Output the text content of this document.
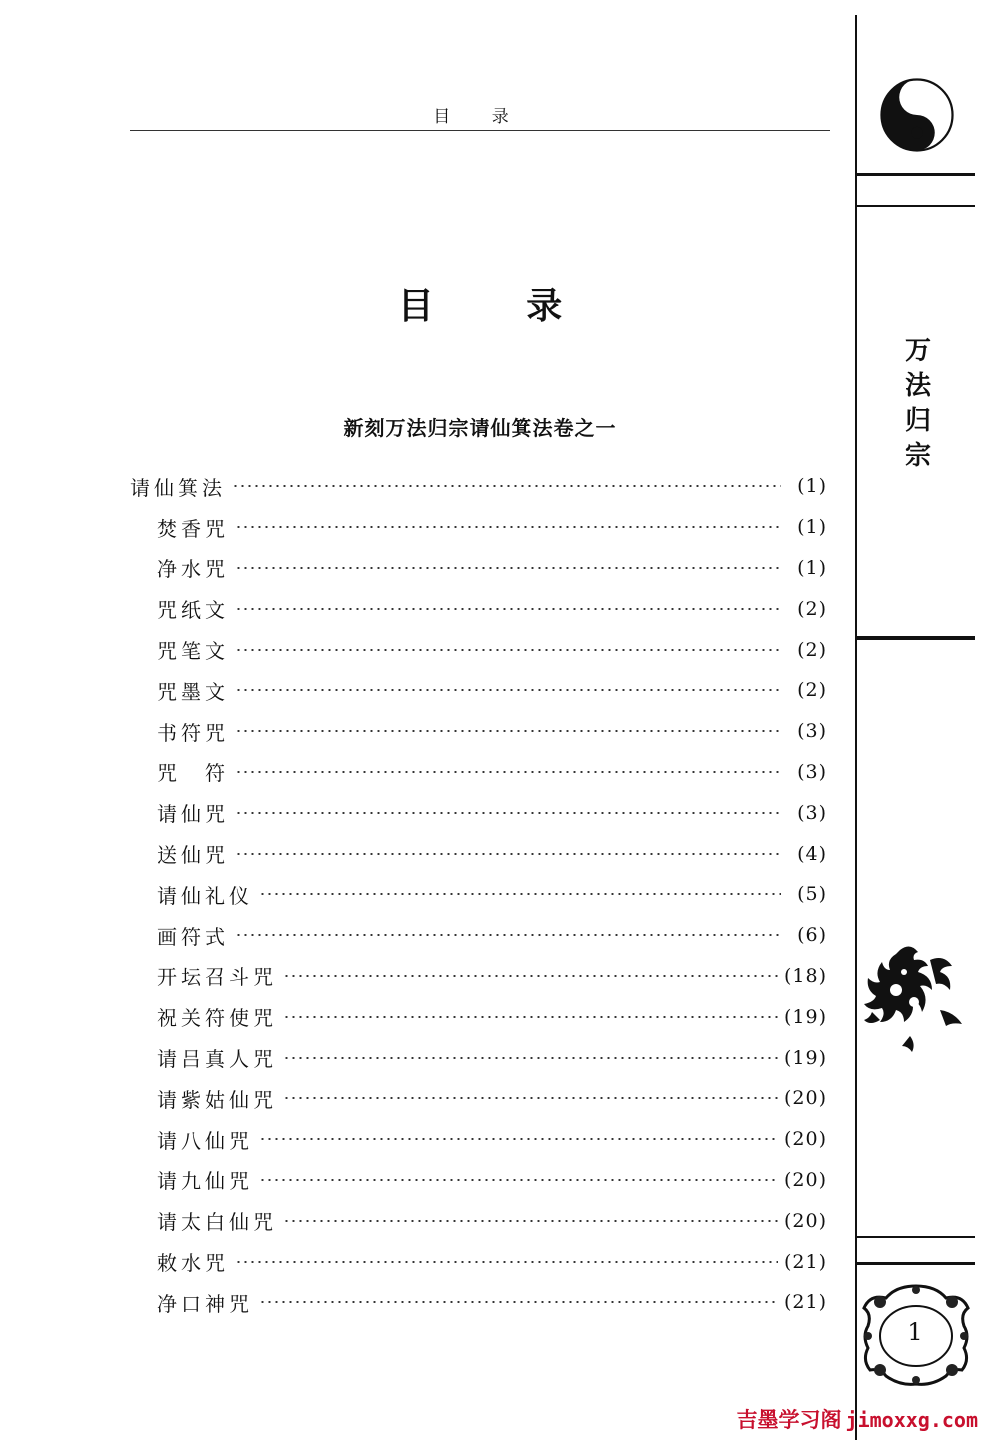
目 录
目 录
新刻万法归宗请仙箕法卷之一
请仙箕法	(1)
焚香咒	(1)
净水咒	(1)
咒纸文	(2)
咒笔文	(2)
咒墨文	(2)
书符咒	(3)
咒　符	(3)
请仙咒	(3)
送仙咒	(4)
请仙礼仪	(5)
画符式	(6)
开坛召斗咒	(18)
祝关符使咒	(19)
请吕真人咒	(19)
请紫姑仙咒	(20)
请八仙咒	(20)
请九仙咒	(20)
请太白仙咒	(20)
敕水咒	(21)
净口神咒	(21)
万
法
归
宗
1
吉墨学习阁 jimoxxg.com
